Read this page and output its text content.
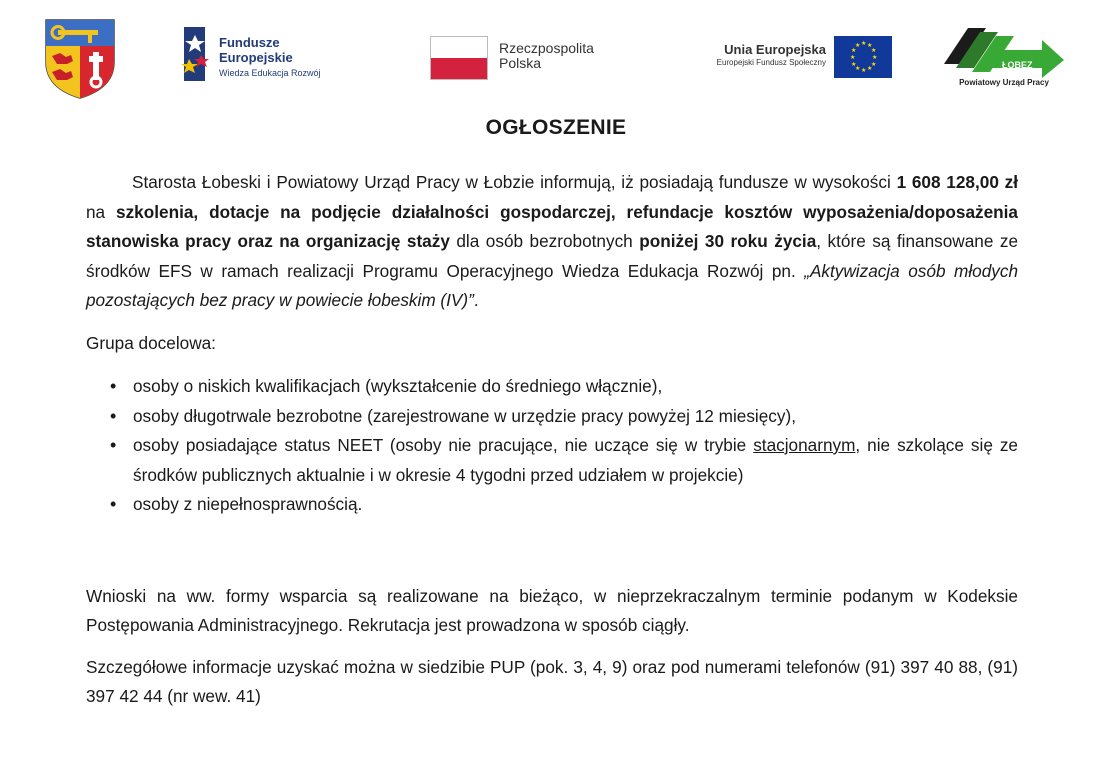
Fundusze
Europejskie
Wiedza Edukacja Rozwój
Rzeczpospolita
Polska
Unia Europejska
Europejski Fundusz Społeczny
★ ★
★
★
★
★
★
★
★
★
★
★
ŁOBEZ
Powiatowy Urząd Pracy
OGŁOSZENIE

Starosta Łobeski i Powiatowy Urząd Pracy w Łobzie informują, iż posiadają fundusze w wysokości 1 608 128,00 zł na szkolenia, dotacje na podjęcie działalności gospodarczej, refundacje kosztów wyposażenia/doposażenia stanowiska pracy oraz na organizację staży dla osób bezrobotnych poniżej 30 roku życia, które są finansowane ze środków EFS w ramach realizacji Programu Operacyjnego Wiedza Edukacja Rozwój pn. „Aktywizacja osób młodych pozostających bez pracy w powiecie łobeskim (IV)”.

Grupa docelowa:

• osoby o niskich kwalifikacjach (wykształcenie do średniego włącznie),
• osoby długotrwale bezrobotne (zarejestrowane w urzędzie pracy powyżej 12 miesięcy),
• osoby posiadające status NEET (osoby nie pracujące, nie uczące się w trybie stacjonarnym, nie szkolące się ze środków publicznych aktualnie i w okresie 4 tygodni przed udziałem w projekcie)
• osoby z niepełnosprawnością.

Wnioski na ww. formy wsparcia są realizowane na bieżąco, w nieprzekraczalnym terminie podanym w Kodeksie Postępowania Administracyjnego. Rekrutacja jest prowadzona w sposób ciągły.

Szczegółowe informacje uzyskać można w siedzibie PUP (pok. 3, 4, 9) oraz pod numerami telefonów (91) 397 40 88, (91) 397 42 44 (nr wew. 41)
